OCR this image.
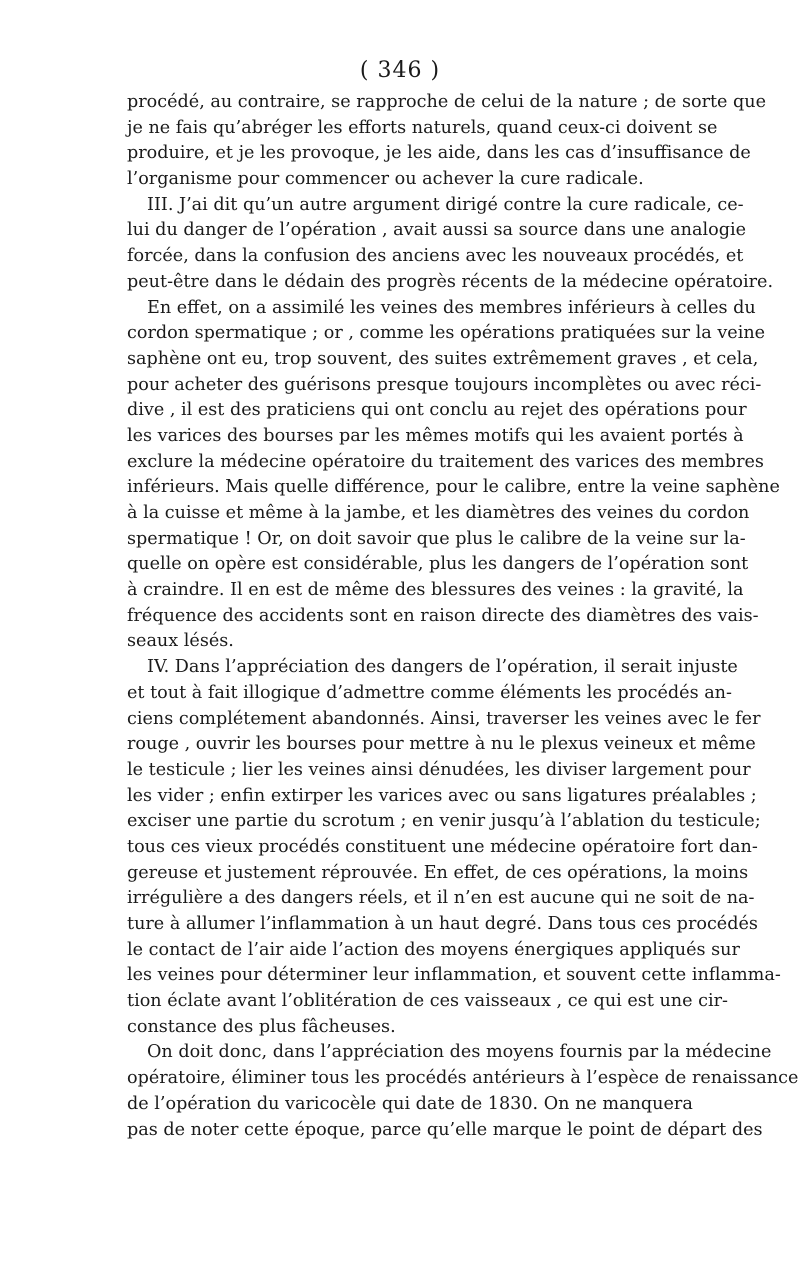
( 346 )
procédé, au contraire, se rapproche de celui de la nature ; de sorte que
je ne fais qu’abréger les efforts naturels, quand ceux-ci doivent se
produire, et je les provoque, je les aide, dans les cas d’insuffisance de
l’organisme pour commencer ou achever la cure radicale.
III. J’ai dit qu’un autre argument dirigé contre la cure radicale, ce-
lui du danger de l’opération , avait aussi sa source dans une analogie
forcée, dans la confusion des anciens avec les nouveaux procédés, et
peut-être dans le dédain des progrès récents de la médecine opératoire.
En effet, on a assimilé les veines des membres inférieurs à celles du
cordon spermatique ; or , comme les opérations pratiquées sur la veine
saphène ont eu, trop souvent, des suites extrêmement graves , et cela,
pour acheter des guérisons presque toujours incomplètes ou avec réci-
dive , il est des praticiens qui ont conclu au rejet des opérations pour
les varices des bourses par les mêmes motifs qui les avaient portés à
exclure la médecine opératoire du traitement des varices des membres
inférieurs. Mais quelle différence, pour le calibre, entre la veine saphène
à la cuisse et même à la jambe, et les diamètres des veines du cordon
spermatique ! Or, on doit savoir que plus le calibre de la veine sur la-
quelle on opère est considérable, plus les dangers de l’opération sont
à craindre. Il en est de même des blessures des veines : la gravité, la
fréquence des accidents sont en raison directe des diamètres des vais-
seaux lésés.
IV. Dans l’appréciation des dangers de l’opération, il serait injuste
et tout à fait illogique d’admettre comme éléments les procédés an-
ciens complétement abandonnés. Ainsi, traverser les veines avec le fer
rouge , ouvrir les bourses pour mettre à nu le plexus veineux et même
le testicule ; lier les veines ainsi dénudées, les diviser largement pour
les vider ; enfin extirper les varices avec ou sans ligatures préalables ;
exciser une partie du scrotum ; en venir jusqu’à l’ablation du testicule;
tous ces vieux procédés constituent une médecine opératoire fort dan-
gereuse et justement réprouvée. En effet, de ces opérations, la moins
irrégulière a des dangers réels, et il n’en est aucune qui ne soit de na-
ture à allumer l’inflammation à un haut degré. Dans tous ces procédés
le contact de l’air aide l’action des moyens énergiques appliqués sur
les veines pour déterminer leur inflammation, et souvent cette inflamma-
tion éclate avant l’oblitération de ces vaisseaux , ce qui est une cir-
constance des plus fâcheuses.
On doit donc, dans l’appréciation des moyens fournis par la médecine
opératoire, éliminer tous les procédés antérieurs à l’espèce de renaissance
de l’opération du varicocèle qui date de 1830. On ne manquera
pas de noter cette époque, parce qu’elle marque le point de départ des
